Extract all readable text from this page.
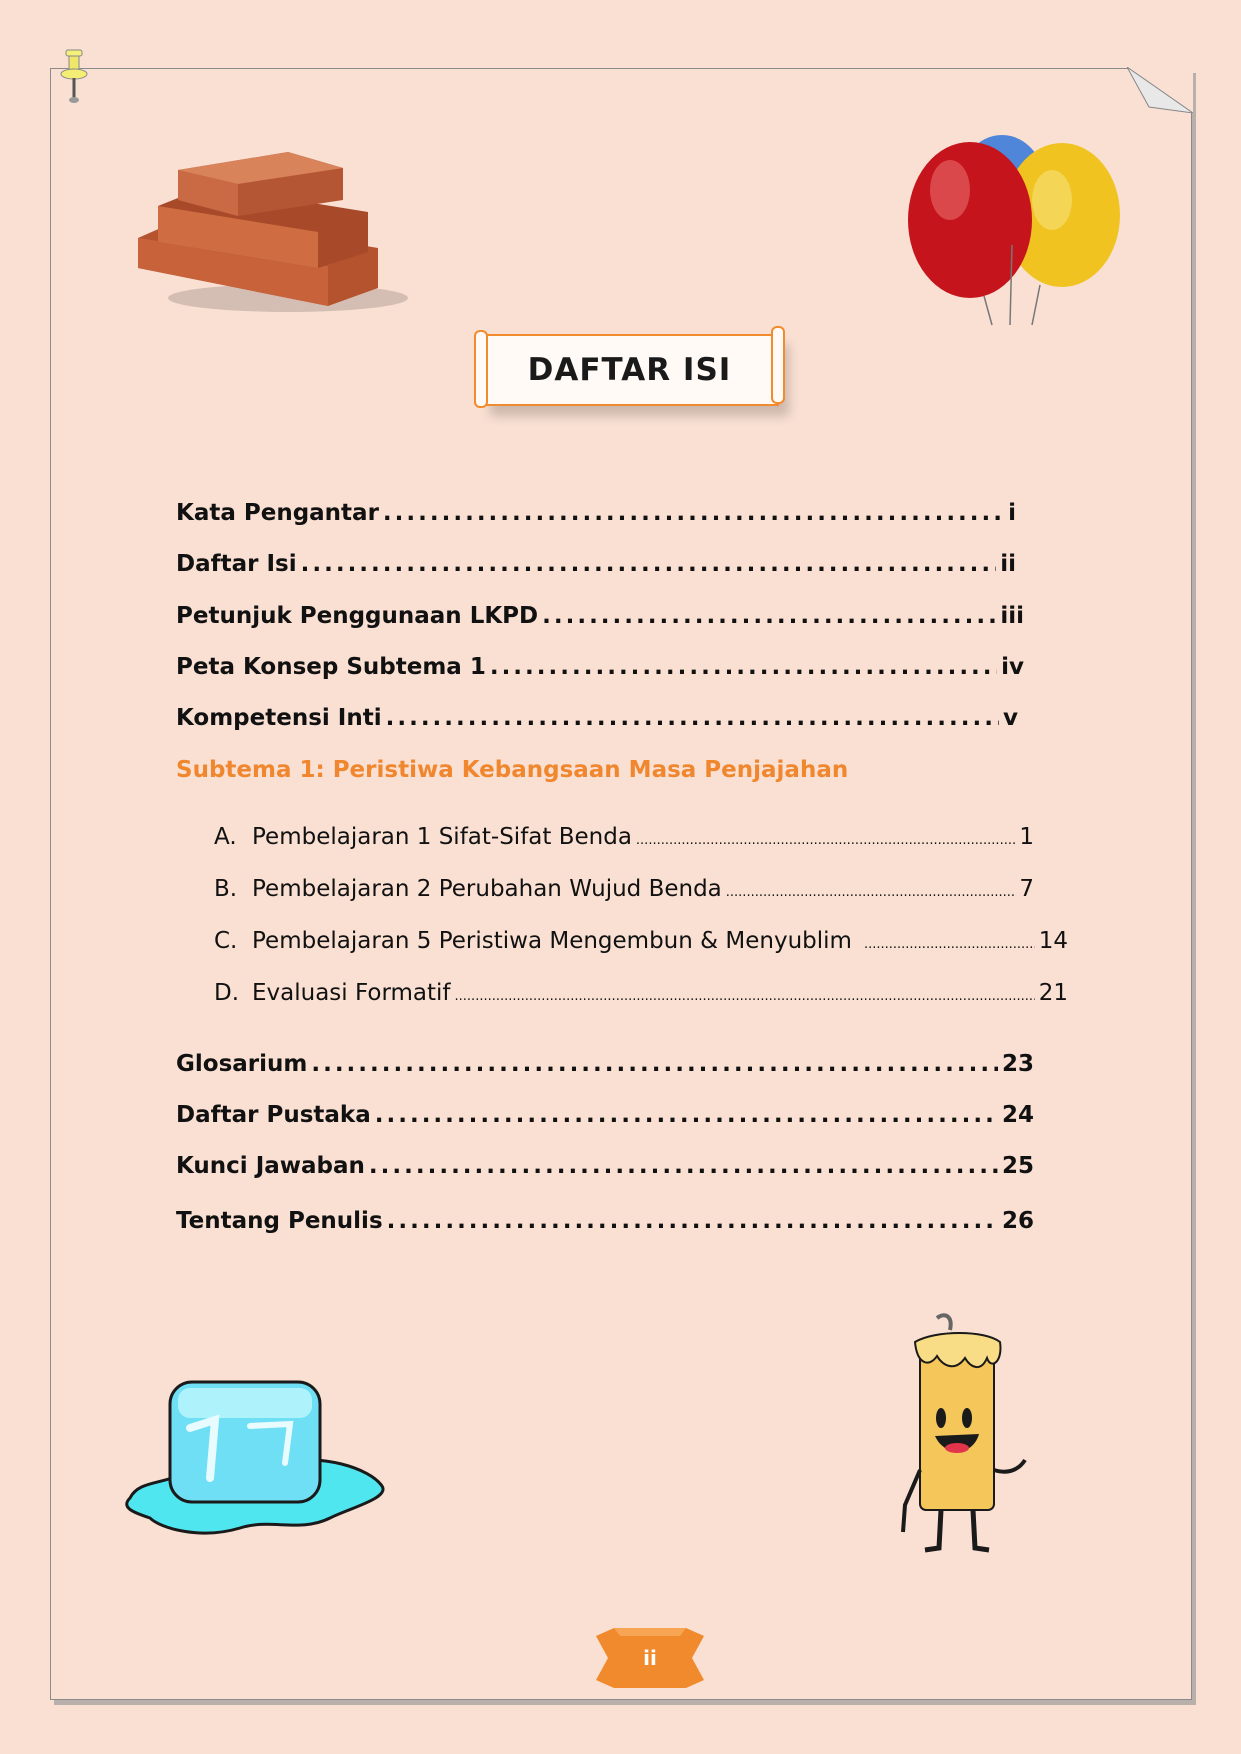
DAFTAR ISI
Kata Pengantar .....	i
Daftar Isi .....	ii
Petunjuk Penggunaan LKPD .....	iii
Peta Konsep Subtema 1 .....	iv
Kompetensi Inti .....	v
Subtema 1: Peristiwa Kebangsaan Masa Penjajahan
A. Pembelajaran 1 Sifat-Sifat Benda .....	1
B. Pembelajaran 2 Perubahan Wujud Benda .....	7
C. Pembelajaran 5 Peristiwa Mengembun & Menyublim .....	14
D. Evaluasi Formatif .....	21
Glosarium .....	23
Daftar Pustaka .....	24
Kunci Jawaban .....	25
Tentang Penulis .....	26
ii
